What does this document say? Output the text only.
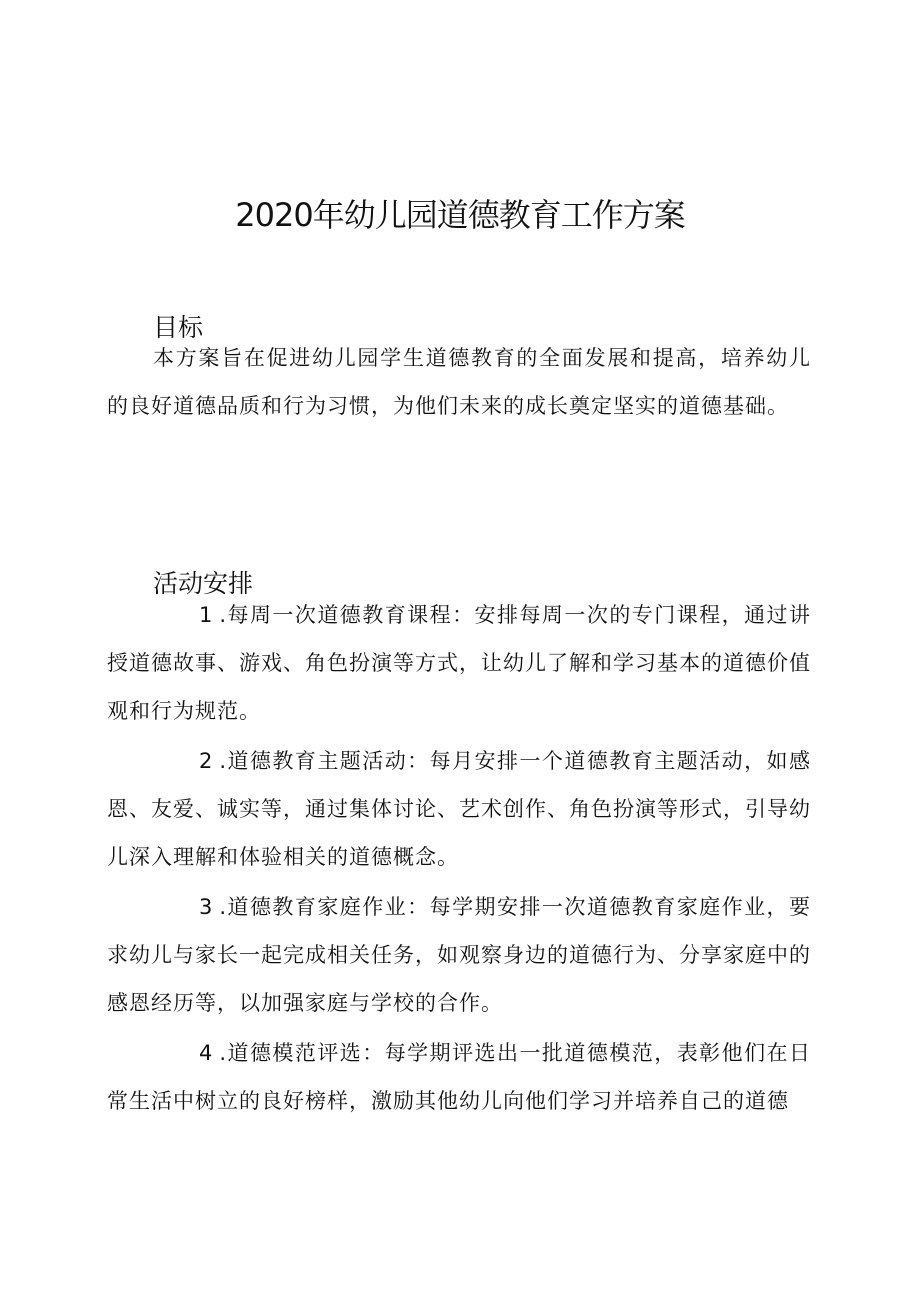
2020年幼儿园道德教育工作方案
目标

本方案旨在促进幼儿园学生道德教育的全面发展和提高，培养幼儿的良好道德品质和行为习惯，为他们未来的成长奠定坚实的道德基础。

活动安排

1 .每周一次道德教育课程：安排每周一次的专门课程，通过讲授道德故事、游戏、角色扮演等方式，让幼儿了解和学习基本的道德价值观和行为规范。

2 .道德教育主题活动：每月安排一个道德教育主题活动，如感恩、友爱、诚实等，通过集体讨论、艺术创作、角色扮演等形式，引导幼儿深入理解和体验相关的道德概念。

3 .道德教育家庭作业：每学期安排一次道德教育家庭作业，要求幼儿与家长一起完成相关任务，如观察身边的道德行为、分享家庭中的感恩经历等，以加强家庭与学校的合作。

4 .道德模范评选：每学期评选出一批道德模范，表彰他们在日常生活中树立的良好榜样，激励其他幼儿向他们学习并培养自己的道德
